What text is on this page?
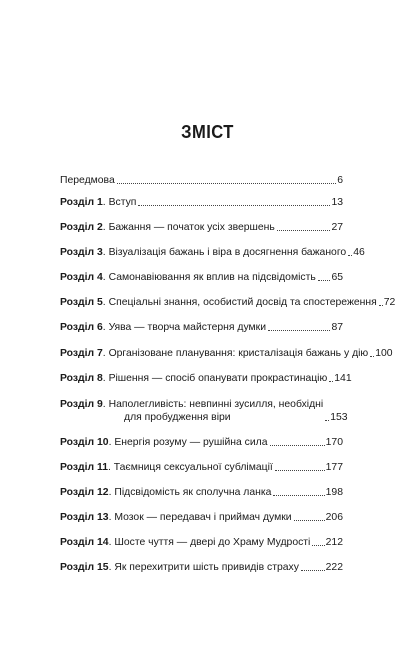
ЗМІСТ
Передмова	6
Розділ 1 . Вступ	13
Розділ 2 . Бажання — початок усіх звершень	27
Розділ 3 . Візуалізація бажань і віра в досягнення бажаного 46
Розділ 4 . Самонавіювання як вплив на підсвідомість 65
Розділ 5 . Спеціальні знання, особистий досвід та спостереження 72
Розділ 6 . Уява — творча майстерня думки	87
Розділ 7 . Організоване планування: кристалізація бажань у дію 100
Розділ 8 . Рішення — спосіб опанувати прокрастинацію 141
Розділ 9. Наполегливість: невпинні зусилля, необхідні
для пробудження віри	153
Розділ 10 . Енергія розуму — рушійна сила	170
Розділ 11 . Таємниця сексуальної сублімації	177
Розділ 12 . Підсвідомість як сполучна ланка	198
Розділ 13 . Мозок — передавач і приймач думки	206
Розділ 14 . Шосте чуття — двері до Храму Мудрості 212
Розділ 15 . Як перехитрити шість привидів страху	222
